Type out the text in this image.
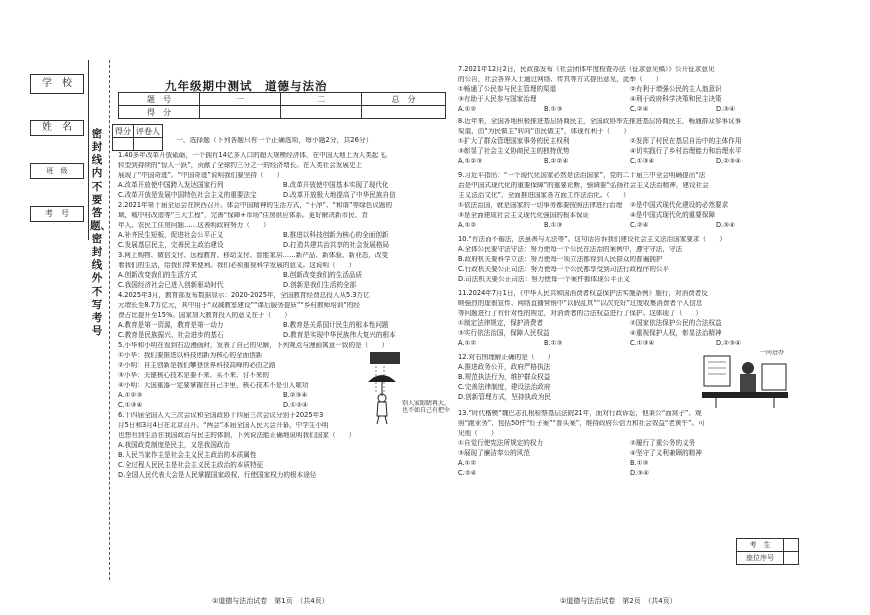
学　校
姓　名
班　级
考　号
密封线内不要答题、密封线外不写考号
九年级期中测试　道德与法治
题　号	一	二	总　分
得　分			
得分	评卷人

一、选择题（下列各题只有一个正确选项，每小题2分，共26分）
1.40多年改革开放砥砺，一个拥有14亿多人口的超大规模经济体，在中国大地上为人类起飞。
转型到持续的“惊人一跃”，贡献了全球约三分之一的经济增长。在人类社会发展史上
展现了“中国奇迹”。“中国奇迹”说明我们要坚持（　　）
A.改革开放使中国跨入发达国家行列	B.改革开放使中国基本实现了现代化
C.改革开放是发展中国特色社会主义的重要法宝	D.改革开放极大地提高了中华民族自信
2.2021年第十届全运会在陕西召开。体会中国精神的生活方式，“干净”、“和谐”等绿色议题的
域，城中村改造等“三大工程”，完善“保障+市场”住房供应体系。更好解决新市民、青
年人、农民工住房问题……这表明政府努力（　　）
A.补齐民生短板，促进社会公平正义	B.推进以科技创新为核心的全面创新
C.发展基层民主，完善民主政治建设	D.打造共建共治共享的社会发展格局
3.网上购物、微信支付、远程教育、移动支付、智能家居……新产品、新体验、新业态，改变
着我们的生活，给我们带来便利。我们必须重视科学发展的意义。这说明（　　）
A.创新改变我们的生活方式	B.创新改变我们的生活品质
C.我国经济社会已进入创新驱动时代	D.创新是我们生活的全部
4.2025年3月，教育部发布数据显示：2020-2025年，全国教育经费总投入从5.3万亿
元增长至8.7万亿元，其中用于“双减教室建设”“课后服务提质”“乡村教师培训”的经
费占比提升至15%。国家加大教育投入的意义在于（　　）
A.教育是第一资源，教育是第一动力	B.教育是关系国计民生的根本性问题
C.教育是民族振兴、社会进步的基石	D.教育是实现中华民族伟大复兴的根本
5.小华和小明在看到右边漫画时，发表了自己的见解，下列观点与漫画寓意一致的是（　　）
①小华：我们要推进以科技创新为核心的全面创新
②小明：自主创新是我们攀登世界科技高峰的必由之路
③小华：关键核心技术是要不来、买不来、讨不来的
④小明：大国重器一定要掌握在自己手里，核心技术不是引人歌功
A.①②③	B.②③④
C.①③④	D.①②④	别人家眼睛再大，也不如自己有把伞
6.十四届全国人大三次会议和全国政协十四届三次会议分别于2025年3
月5日和3月4日在北京召开。“两会”本届全国人民大会开幕，中学生小明
也想有到生活在我国政治与民主的体制，下列说法能正确地说明我们国家（　　）
A.我国政党制度是民主，又是我国政治
B.人民当家作主是社会主义民主政治的本质属性
C.全过程人民民主是社会主义民主政治的本质特征
D.全国人民代表大会是人民掌握国家政权、行使国家权力的根本途径
①道德与法治试卷　第1页　（共4页）
7.2021年12月2日，民政部发布《社会团体年度检查办法（征求意见稿）》公开征求意见
的公告，社会各界人士通过网络、传真等方式提出意见，此举（　　）
①畅通了公民参与民主管理的渠道	②有利于增强公民的主人翁意识
③有助于人民参与国家治理	④利于政府科学决策和民主决策
A.①②	B.①③	C.②④	D.③④
8.近年来，全国各地积极推进基层协商民主，全国政协率先推进基层协商民主，畅通群众参事议事
渠道，由“为民做主”转向“由民做主”，体现有利于（　　）
①扩大了群众管理国家事务的民主权利	②发挥了村民在基层自治中的主体作用
③彰显了社会主义协商民主的独特优势	④切实践行了乡村治理能力和治理水平
A.①②③	B.①②④	C.①③④	D.②③④
9.习近平指出：“一个现代化国家必然是法治国家”，党的二十届三中全会明确提出“法
治是中国式现代化的重要保障”的重要论断，强调要“弘扬社会主义法治精神，建设社会
主义法治文化”，全面推进国家各方面工作法治化。（　　）
①依法治国，就是国家的一切事务都要按照法律进行治理	②是中国式现代化建设的必然要求
③是全面建成社会主义现代化强国的根本保证	④是中国式现代化的重要保障
A.①②	B.①③	C.②④	D.③④
10.“有法而不循法，法虽善与无法等”。这句话告诉我们建设社会主义法治国家要求（　　）
A.全体公民要守法守法：努力使每一个公民在法治的案例中，遵守守法，守法
B.政府机关要科学立法：努力使每一项立法都得到人民群众的普遍拥护
C.行政机关要公正司法：努力使每一个公民都享受到司法行政程序的公平
D.司法机关要公正司法：努力使每一个案件都体现公平正义
11.2024年7月1日，《中华人民共和国消费者权益保护法实施条例》施行，对消费者反
映强烈的虚假宣传、网络直播营销中“以假乱真”“以次充好”过度收集消费者个人信息
等问题进行了有针对性的规定，对消费者的合法权益进行了保护。这体现了（　　）
①制定法律规定，保护消费者	②国家依法保护公民的合法权益
③实行依法治国，保障人民权益	④重视保护人权，彰显法治精神
A.①②	B.①③	C.①③④	D.②③④
12.对右图理解正确的是（　　）
A.推进政务公开，政府严格执法
B.规范执法行为，维护群众权益
C.完善法律制度，建设法治政府
D.创新管理方式，坚持执政为民
一同进办
13.“时代楷模”魏巴志扎根检察基层法院21年，面对行政诉讼，他秉公“面窝子”、观
照“跑业务”、包括50件“钉子案”“普头案”，维持政府公信力和社会效益“老黄牛”。可
见他（　　）
①自觉行使宪法所规定的权力	②履行了重公务的义务
③展现了廉洁奉公的风范	④坚守了义利兼顾的精神
A.①②	B.①③
C.②④	D.③④
考　生	
座位序号	
①道德与法治试卷　第2页　（共4页）
